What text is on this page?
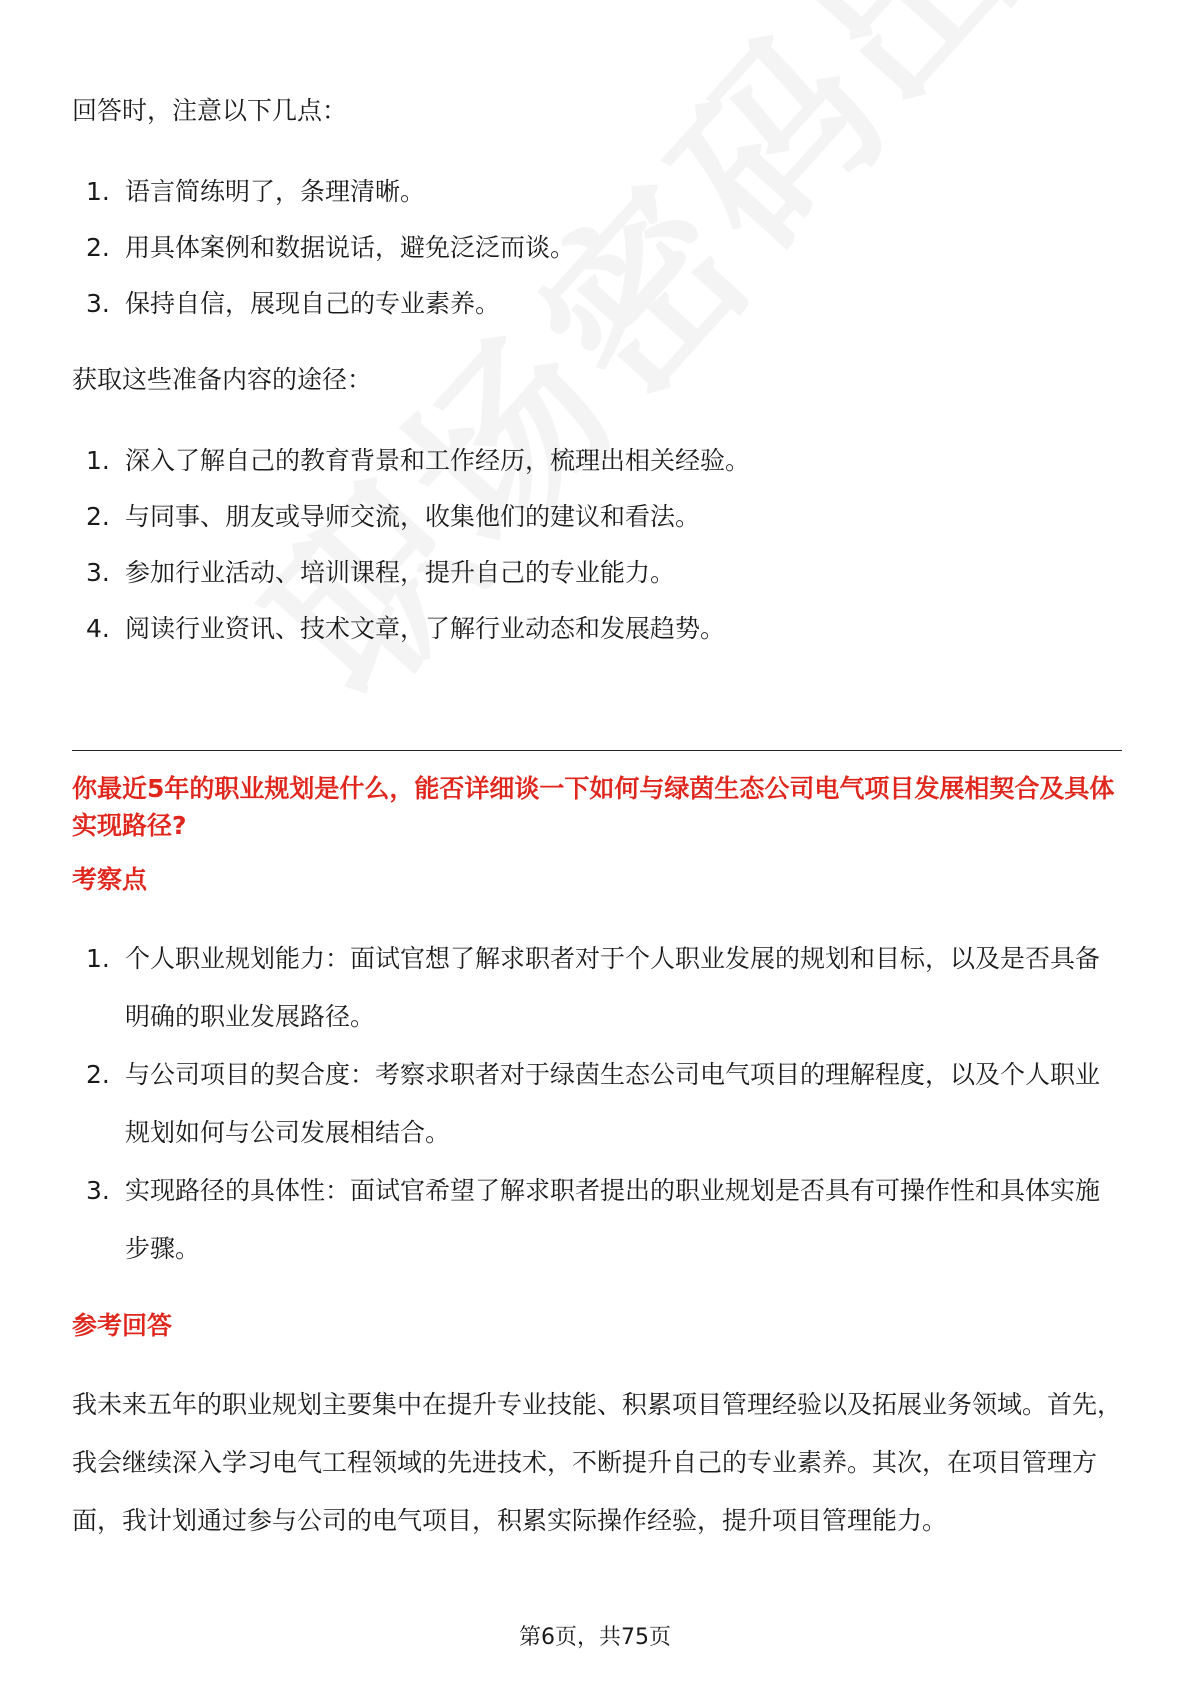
回答时，注意以下几点：

1. 语言简练明了，条理清晰。
2. 用具体案例和数据说话，避免泛泛而谈。
3. 保持自信，展现自己的专业素养。

获取这些准备内容的途径：

1. 深入了解自己的教育背景和工作经历，梳理出相关经验。
2. 与同事、朋友或导师交流，收集他们的建议和看法。
3. 参加行业活动、培训课程，提升自己的专业能力。
4. 阅读行业资讯、技术文章，了解行业动态和发展趋势。

你最近5年的职业规划是什么，能否详细谈一下如何与绿茵生态公司电气项目发展相契合及具体实现路径?

考察点

1. 个人职业规划能力：面试官想了解求职者对于个人职业发展的规划和目标，以及是否具备明确的职业发展路径。
2. 与公司项目的契合度：考察求职者对于绿茵生态公司电气项目的理解程度，以及个人职业规划如何与公司发展相结合。
3. 实现路径的具体性：面试官希望了解求职者提出的职业规划是否具有可操作性和具体实施步骤。

参考回答

我未来五年的职业规划主要集中在提升专业技能、积累项目管理经验以及拓展业务领域。首先，我会继续深入学习电气工程领域的先进技术，不断提升自己的专业素养。其次，在项目管理方面，我计划通过参与公司的电气项目，积累实际操作经验，提升项目管理能力。

第6页，共75页
